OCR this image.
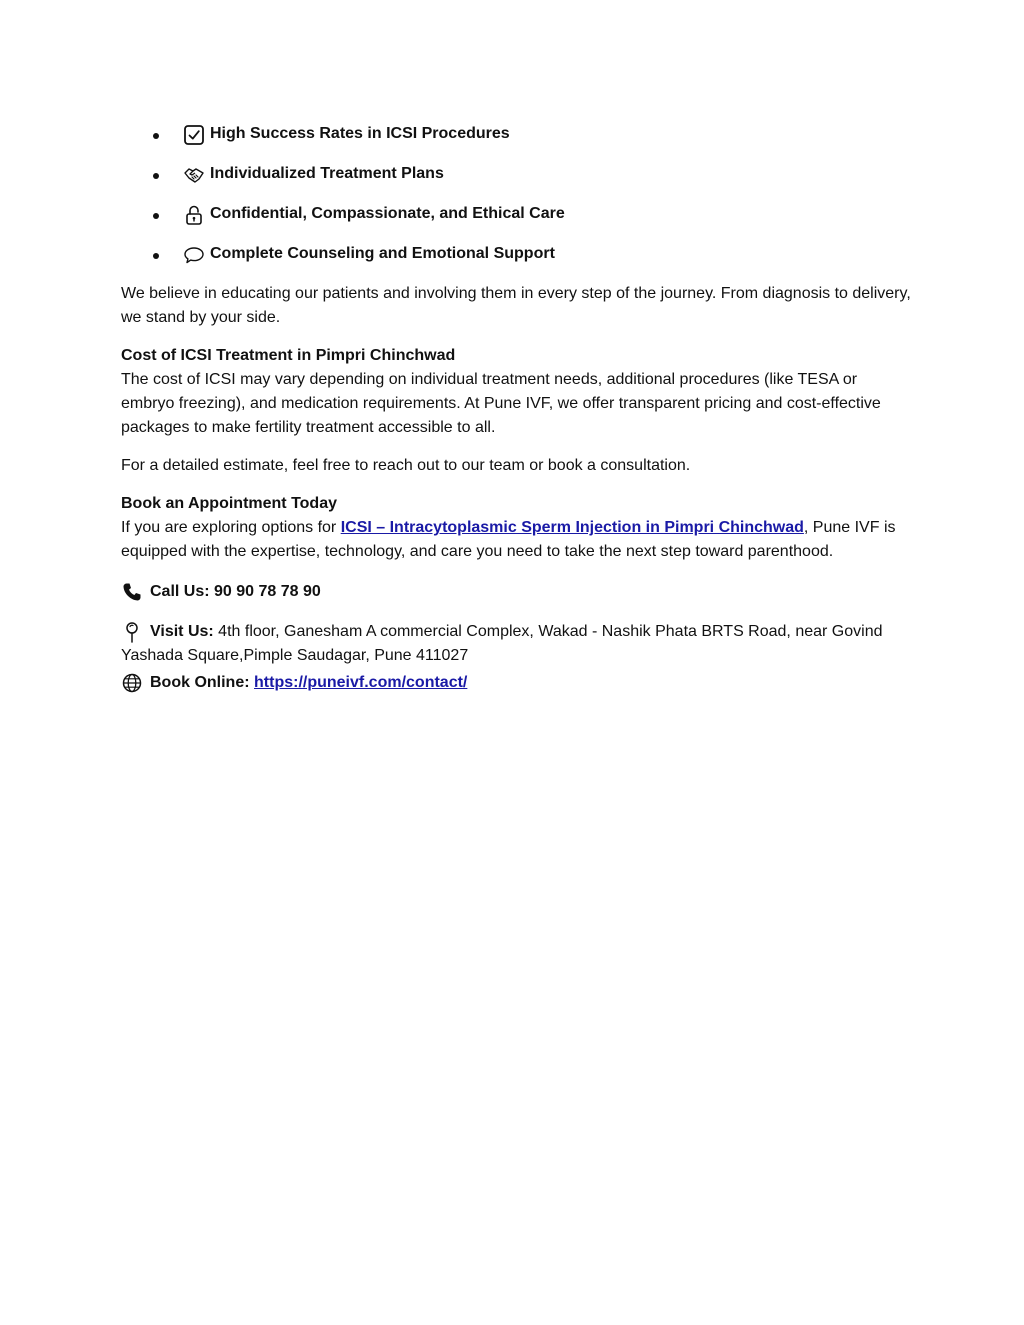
High Success Rates in ICSI Procedures
Individualized Treatment Plans
Confidential, Compassionate, and Ethical Care
Complete Counseling and Emotional Support

We believe in educating our patients and involving them in every step of the journey. From diagnosis to delivery, we stand by your side.

Cost of ICSI Treatment in Pimpri Chinchwad

The cost of ICSI may vary depending on individual treatment needs, additional procedures (like TESA or embryo freezing), and medication requirements. At Pune IVF, we offer transparent pricing and cost-effective packages to make fertility treatment accessible to all.

For a detailed estimate, feel free to reach out to our team or book a consultation.

Book an Appointment Today

If you are exploring options for ICSI – Intracytoplasmic Sperm Injection in Pimpri Chinchwad, Pune IVF is equipped with the expertise, technology, and care you need to take the next step toward parenthood.

Call Us: 90 90 78 78 90
Visit Us: 4th floor, Ganesham A commercial Complex, Wakad - Nashik Phata BRTS Road, near Govind Yashada Square,Pimple Saudagar, Pune 411027
Book Online: https://puneivf.com/contact/
